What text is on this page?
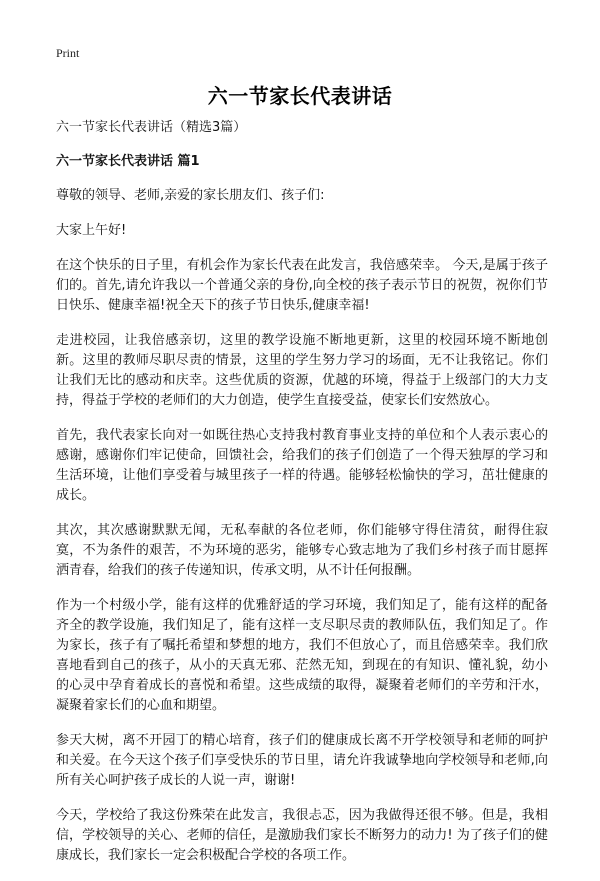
Print
六一节家长代表讲话

六一节家长代表讲话（精选3篇）

六一节家长代表讲话 篇1

尊敬的领导、老师,亲爱的家长朋友们、孩子们:

大家上午好!

在这个快乐的日子里，有机会作为家长代表在此发言，我倍感荣幸。 今天,是属于孩子们的。首先,请允许我以一个普通父亲的身份,向全校的孩子表示节日的祝贺，祝你们节日快乐、健康幸福!祝全天下的孩子节日快乐,健康幸福!

走进校园，让我倍感亲切，这里的教学设施不断地更新，这里的校园环境不断地创新。这里的教师尽职尽责的情景，这里的学生努力学习的场面，无不让我铭记。你们让我们无比的感动和庆幸。这些优质的资源，优越的环境，得益于上级部门的大力支持，得益于学校的老师们的大力创造，使学生直接受益，使家长们安然放心。

首先，我代表家长向对一如既往热心支持我村教育事业支持的单位和个人表示衷心的感谢，感谢你们牢记使命，回馈社会，给我们的孩子们创造了一个得天独厚的学习和生活环境，让他们享受着与城里孩子一样的待遇。能够轻松愉快的学习，茁壮健康的成长。

其次，其次感谢默默无闻，无私奉献的各位老师，你们能够守得住清贫，耐得住寂寞，不为条件的艰苦，不为环境的恶劣，能够专心致志地为了我们乡村孩子而甘愿挥洒青春，给我们的孩子传递知识，传承文明，从不计任何报酬。

作为一个村级小学，能有这样的优雅舒适的学习环境，我们知足了，能有这样的配备齐全的教学设施，我们知足了，能有这样一支尽职尽责的教师队伍，我们知足了。作为家长，孩子有了嘱托希望和梦想的地方，我们不但放心了，而且倍感荣幸。我们欣喜地看到自己的孩子，从小的天真无邪、茫然无知，到现在的有知识、懂礼貌，幼小的心灵中孕育着成长的喜悦和希望。这些成绩的取得，凝聚着老师们的辛劳和汗水，凝聚着家长们的心血和期望。

参天大树，离不开园丁的精心培育，孩子们的健康成长离不开学校领导和老师的呵护和关爱。在今天这个孩子们享受快乐的节日里，请允许我诚挚地向学校领导和老师,向所有关心呵护孩子成长的人说一声，谢谢!

今天，学校给了我这份殊荣在此发言，我很忐忑，因为我做得还很不够。但是，我相信，学校领导的关心、老师的信任，是激励我们家长不断努力的动力! 为了孩子们的健康成长，我们家长一定会积极配合学校的各项工作。
